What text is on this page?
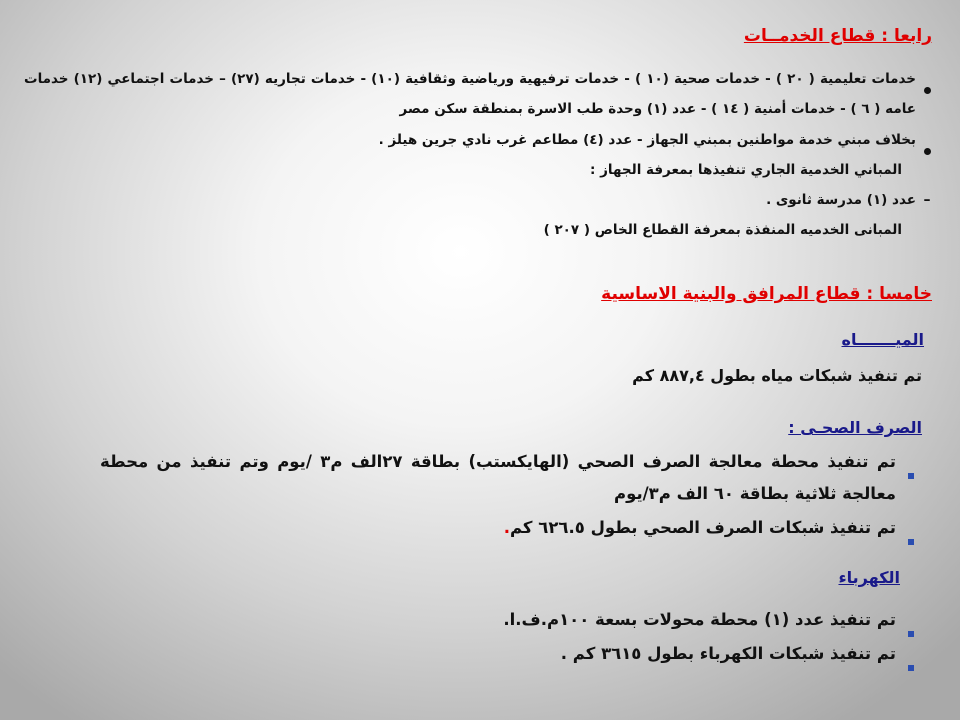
رابعا : قطاع الخدمــات
خدمات تعليمية ( ٢٠ ) - خدمات صحية (١٠ ) - خدمات ترفيهية ورياضية وثقافية (١٠) - خدمات تجاريه (٢٧) – خدمات اجتماعي (١٢) خدمات عامه ( ٦ ) - خدمات أمنية ( ١٤ ) - عدد (١) وحدة طب الاسرة بمنطقة سكن مصر
بخلاف مبني خدمة مواطنين بمبني الجهاز - عدد (٤) مطاعم غرب نادي جرين هيلز .
المباني الخدمية الجاري تنفيذها بمعرفة الجهاز :
–
عدد (١) مدرسة ثانوى .
المبانى الخدميه المنفذة بمعرفة القطاع الخاص ( ٢٠٧ )
خامسا : قطاع المرافق والبنية الاساسية
الميـــــــاه
تم تنفيذ شبكات مياه بطول ٨٨٧,٤ كم
الصرف الصحـى :
تم تنفيذ محطة معالجة الصرف الصحي (الهايكستب) بطاقة ٢٧الف م٣ /يوم وتم تنفيذ من محطة معالجة ثلاثية بطاقة ٦٠ الف م٣/يوم
تم تنفيذ شبكات الصرف الصحي بطول ٦٢٦.٥ كم.
الكهرباء
تم تنفيذ عدد (١) محطة محولات بسعة ١٠٠م.ف.ا.
تم تنفيذ شبكات الكهرباء بطول ٣٦١٥ كم .
